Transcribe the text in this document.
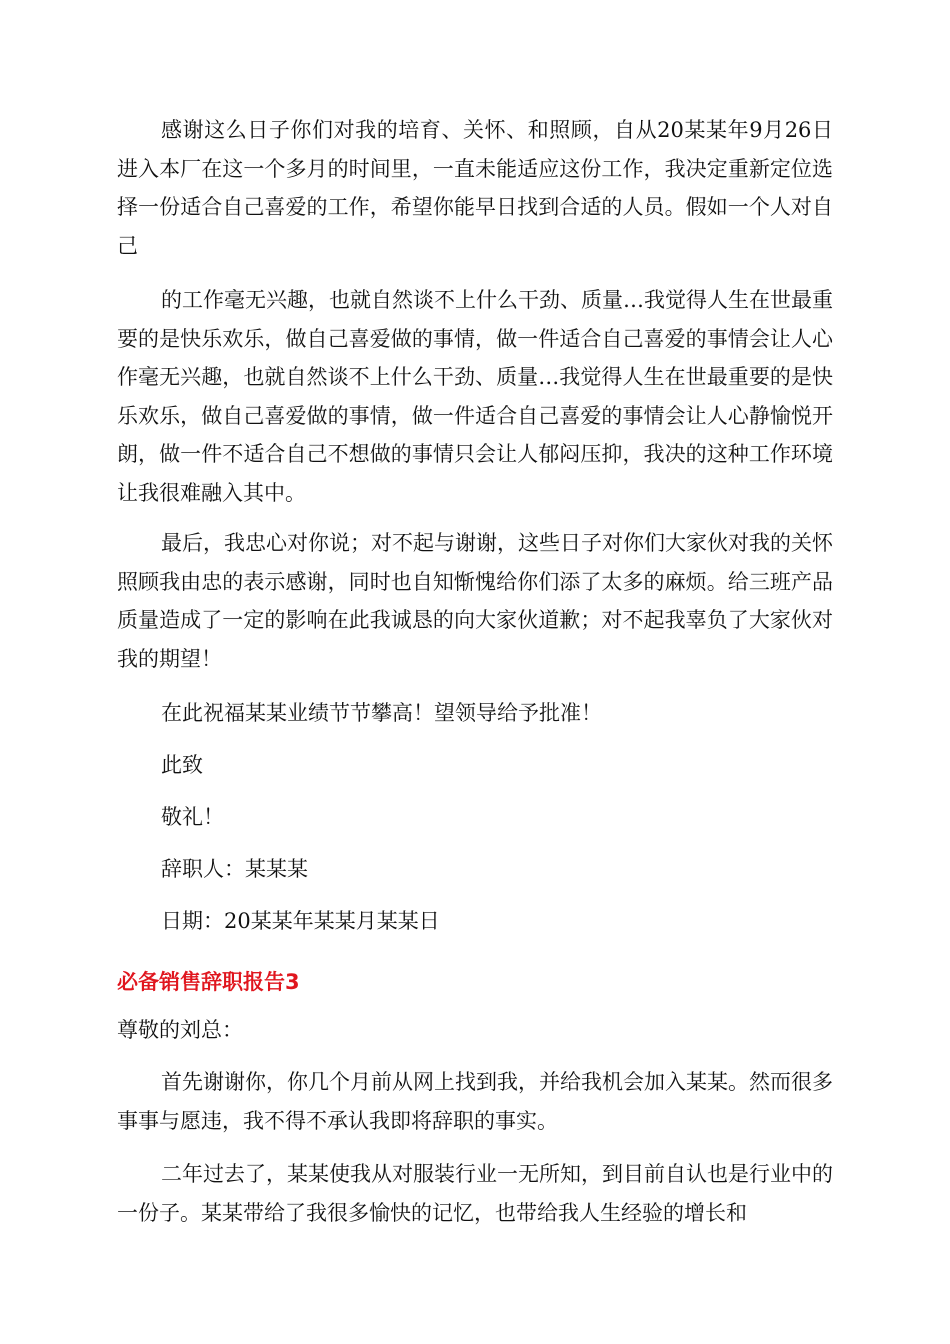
感谢这么日子你们对我的培育、关怀、和照顾，自从20某某年9月26日进入本厂在这一个多月的时间里，一直未能适应这份工作，我决定重新定位选择一份适合自己喜爱的工作，希望你能早日找到合适的人员。假如一个人对自己

的工作毫无兴趣，也就自然谈不上什么干劲、质量…我觉得人生在世最重要的是快乐欢乐，做自己喜爱做的事情，做一件适合自己喜爱的事情会让人心作毫无兴趣，也就自然谈不上什么干劲、质量…我觉得人生在世最重要的是快乐欢乐，做自己喜爱做的事情，做一件适合自己喜爱的事情会让人心静愉悦开朗，做一件不适合自己不想做的事情只会让人郁闷压抑，我决的这种工作环境让我很难融入其中。

最后，我忠心对你说；对不起与谢谢，这些日子对你们大家伙对我的关怀照顾我由忠的表示感谢，同时也自知惭愧给你们添了太多的麻烦。给三班产品质量造成了一定的影响在此我诚恳的向大家伙道歉；对不起我辜负了大家伙对我的期望！

在此祝福某某业绩节节攀高！望领导给予批准！

此致

敬礼！

辞职人：某某某

日期：20某某年某某月某某日

必备销售辞职报告3

尊敬的刘总：

首先谢谢你，你几个月前从网上找到我，并给我机会加入某某。然而很多事事与愿违，我不得不承认我即将辞职的事实。

二年过去了，某某使我从对服装行业一无所知，到目前自认也是行业中的一份子。某某带给了我很多愉快的记忆，也带给我人生经验的增长和
